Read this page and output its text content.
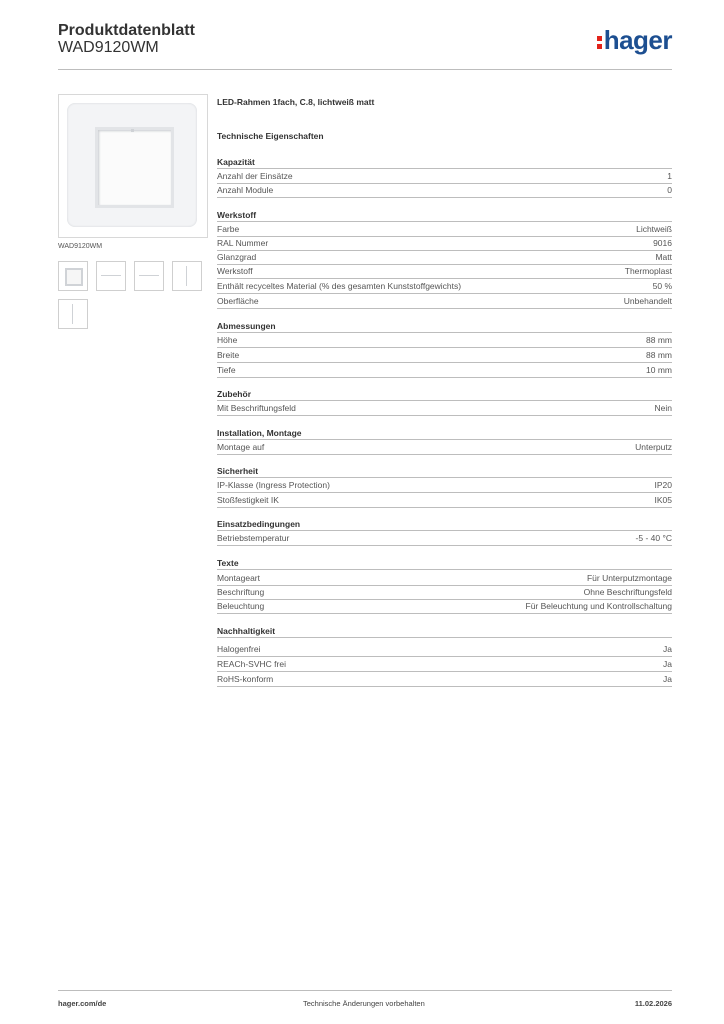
Produktdatenblatt
WAD9120WM	hager
WAD9120WM
LED-Rahmen 1fach, C.8, lichtweiß matt
Technische Eigenschaften
Kapazität
Anzahl der Einsätze	1
Anzahl Module	0
Werkstoff
Farbe	Lichtweiß
RAL Nummer	9016
Glanzgrad	Matt
Werkstoff	Thermoplast
Enthält recyceltes Material (% des gesamten Kunststoffgewichts)	50 %
Oberfläche	Unbehandelt
Abmessungen
Höhe	88 mm
Breite	88 mm
Tiefe	10 mm
Zubehör
Mit Beschriftungsfeld	Nein
Installation, Montage
Montage auf	Unterputz
Sicherheit
IP-Klasse (Ingress Protection)	IP20
Stoßfestigkeit IK	IK05
Einsatzbedingungen
Betriebstemperatur	-5 - 40 °C
Texte
Montageart	Für Unterputzmontage
Beschriftung	Ohne Beschriftungsfeld
Beleuchtung	Für Beleuchtung und Kontrollschaltung
Nachhaltigkeit
Halogenfrei	Ja
REACh-SVHC frei	Ja
RoHS-konform	Ja
hager.com/de	Technische Änderungen vorbehalten	11.02.2026
